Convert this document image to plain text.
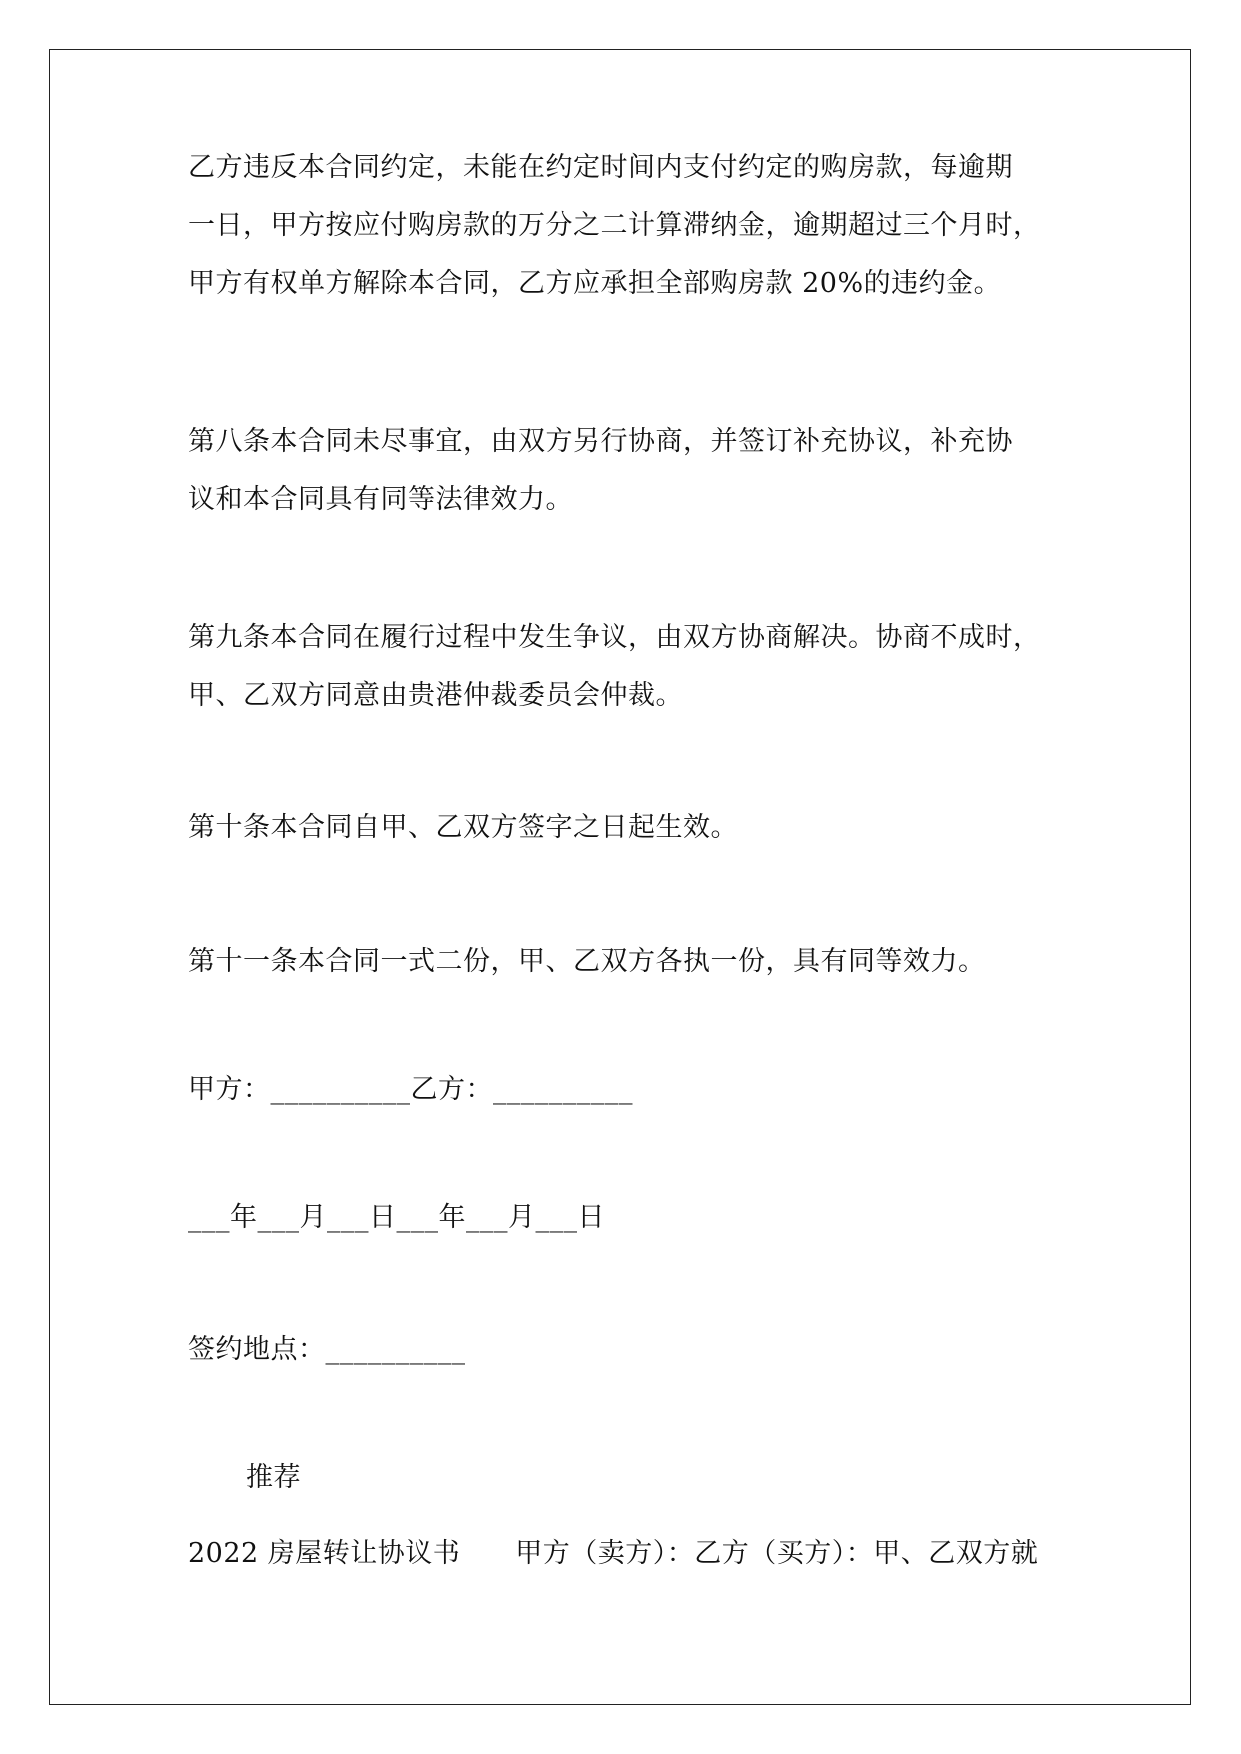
乙方违反本合同约定，未能在约定时间内支付约定的购房款，每逾期
一日，甲方按应付购房款的万分之二计算滞纳金，逾期超过三个月时，
甲方有权单方解除本合同，乙方应承担全部购房款 20%的违约金。
第八条本合同未尽事宜，由双方另行协商，并签订补充协议，补充协
议和本合同具有同等法律效力。
第九条本合同在履行过程中发生争议，由双方协商解决。协商不成时，
甲、乙双方同意由贵港仲裁委员会仲裁。
第十条本合同自甲、乙双方签字之日起生效。
第十一条本合同一式二份，甲、乙双方各执一份，具有同等效力。
甲方：__________乙方：__________
___年___月___日___年___月___日
签约地点：__________
推荐
2022 房屋转让协议书　　甲方（卖方）：乙方（买方）：甲、乙双方就
